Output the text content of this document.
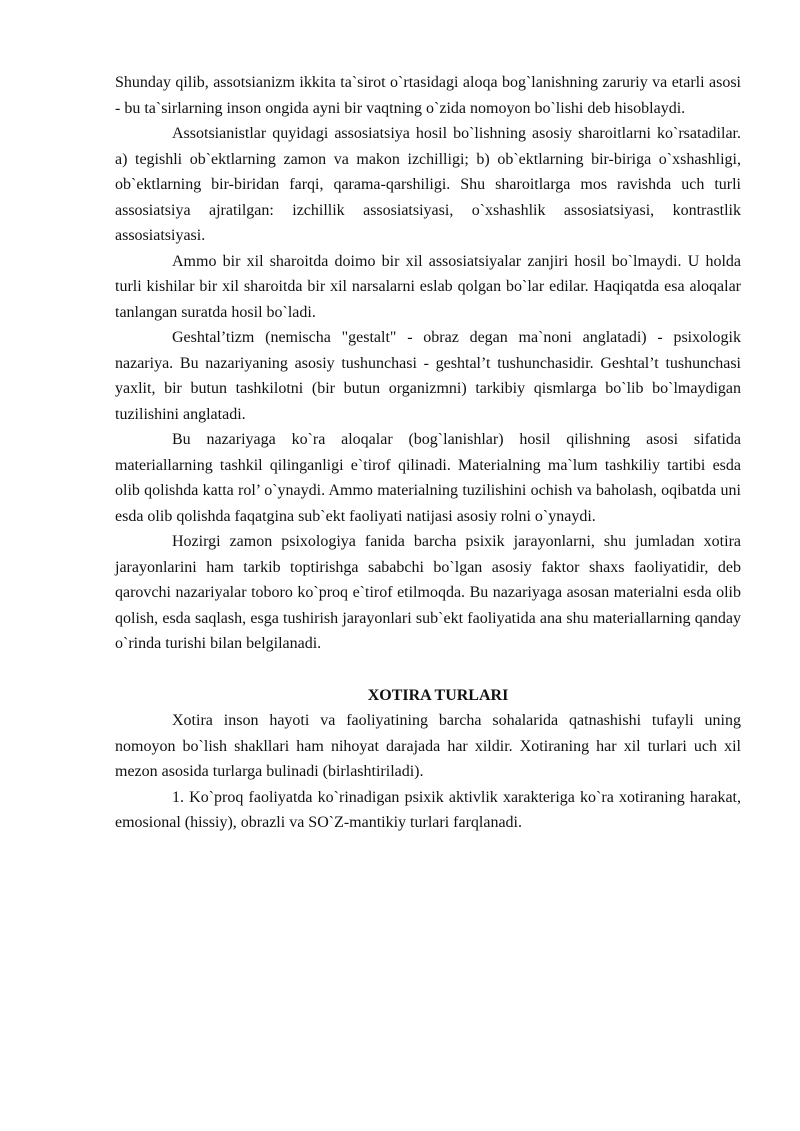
Shunday qilib, assotsianizm ikkita ta`sirot o`rtasidagi aloqa bog`lanishning zaruriy va etarli asosi - bu ta`sirlarning inson ongida ayni bir vaqtning o`zida nomoyon bo`lishi deb hisoblaydi.

Assotsianistlar quyidagi assosiatsiya hosil bo`lishning asosiy sharoitlarni ko`rsatadilar. a) tegishli ob`ektlarning zamon va makon izchilligi; b) ob`ektlarning bir-biriga o`xshashligi, ob`ektlarning bir-biridan farqi, qarama-qarshiligi. Shu sharoitlarga mos ravishda uch turli assosiatsiya ajratilgan: izchillik assosiatsiyasi, o`xshashlik assosiatsiyasi, kontrastlik assosiatsiyasi.

Ammo bir xil sharoitda doimo bir xil assosiatsiyalar zanjiri hosil bo`lmaydi. U holda turli kishilar bir xil sharoitda bir xil narsalarni eslab qolgan bo`lar edilar. Haqiqatda esa aloqalar tanlangan suratda hosil bo`ladi.

Geshtal’tizm (nemischa "gestalt" - obraz degan ma`noni anglatadi) - psixologik nazariya. Bu nazariyaning asosiy tushunchasi - geshtal’t tushunchasidir. Geshtal’t tushunchasi yaxlit, bir butun tashkilotni (bir butun organizmni) tarkibiy qismlarga bo`lib bo`lmaydigan tuzilishini anglatadi.

Bu nazariyaga ko`ra aloqalar (bog`lanishlar) hosil qilishning asosi sifatida materiallarning tashkil qilinganligi e`tirof qilinadi. Materialning ma`lum tashkiliy tartibi esda olib qolishda katta rol’ o`ynaydi. Ammo materialning tuzilishini ochish va baholash, oqibatda uni esda olib qolishda faqatgina sub`ekt faoliyati natijasi asosiy rolni o`ynaydi.

Hozirgi zamon psixologiya fanida barcha psixik jarayonlarni, shu jumladan xotira jarayonlarini ham tarkib toptirishga sababchi bo`lgan asosiy faktor shaxs faoliyatidir, deb qarovchi nazariyalar toboro ko`proq e`tirof etilmoqda. Bu nazariyaga asosan materialni esda olib qolish, esda saqlash, esga tushirish jarayonlari sub`ekt faoliyatida ana shu materiallarning qanday o`rinda turishi bilan belgilanadi.

XOTIRA TURLARI

Xotira inson hayoti va faoliyatining barcha sohalarida qatnashishi tufayli uning nomoyon bo`lish shakllari ham nihoyat darajada har xildir. Xotiraning har xil turlari uch xil mezon asosida turlarga bulinadi (birlashtiriladi).

1. Ko`proq faoliyatda ko`rinadigan psixik aktivlik xarakteriga ko`ra xotiraning harakat, emosional (hissiy), obrazli va SO`Z-mantikiy turlari farqlanadi.
